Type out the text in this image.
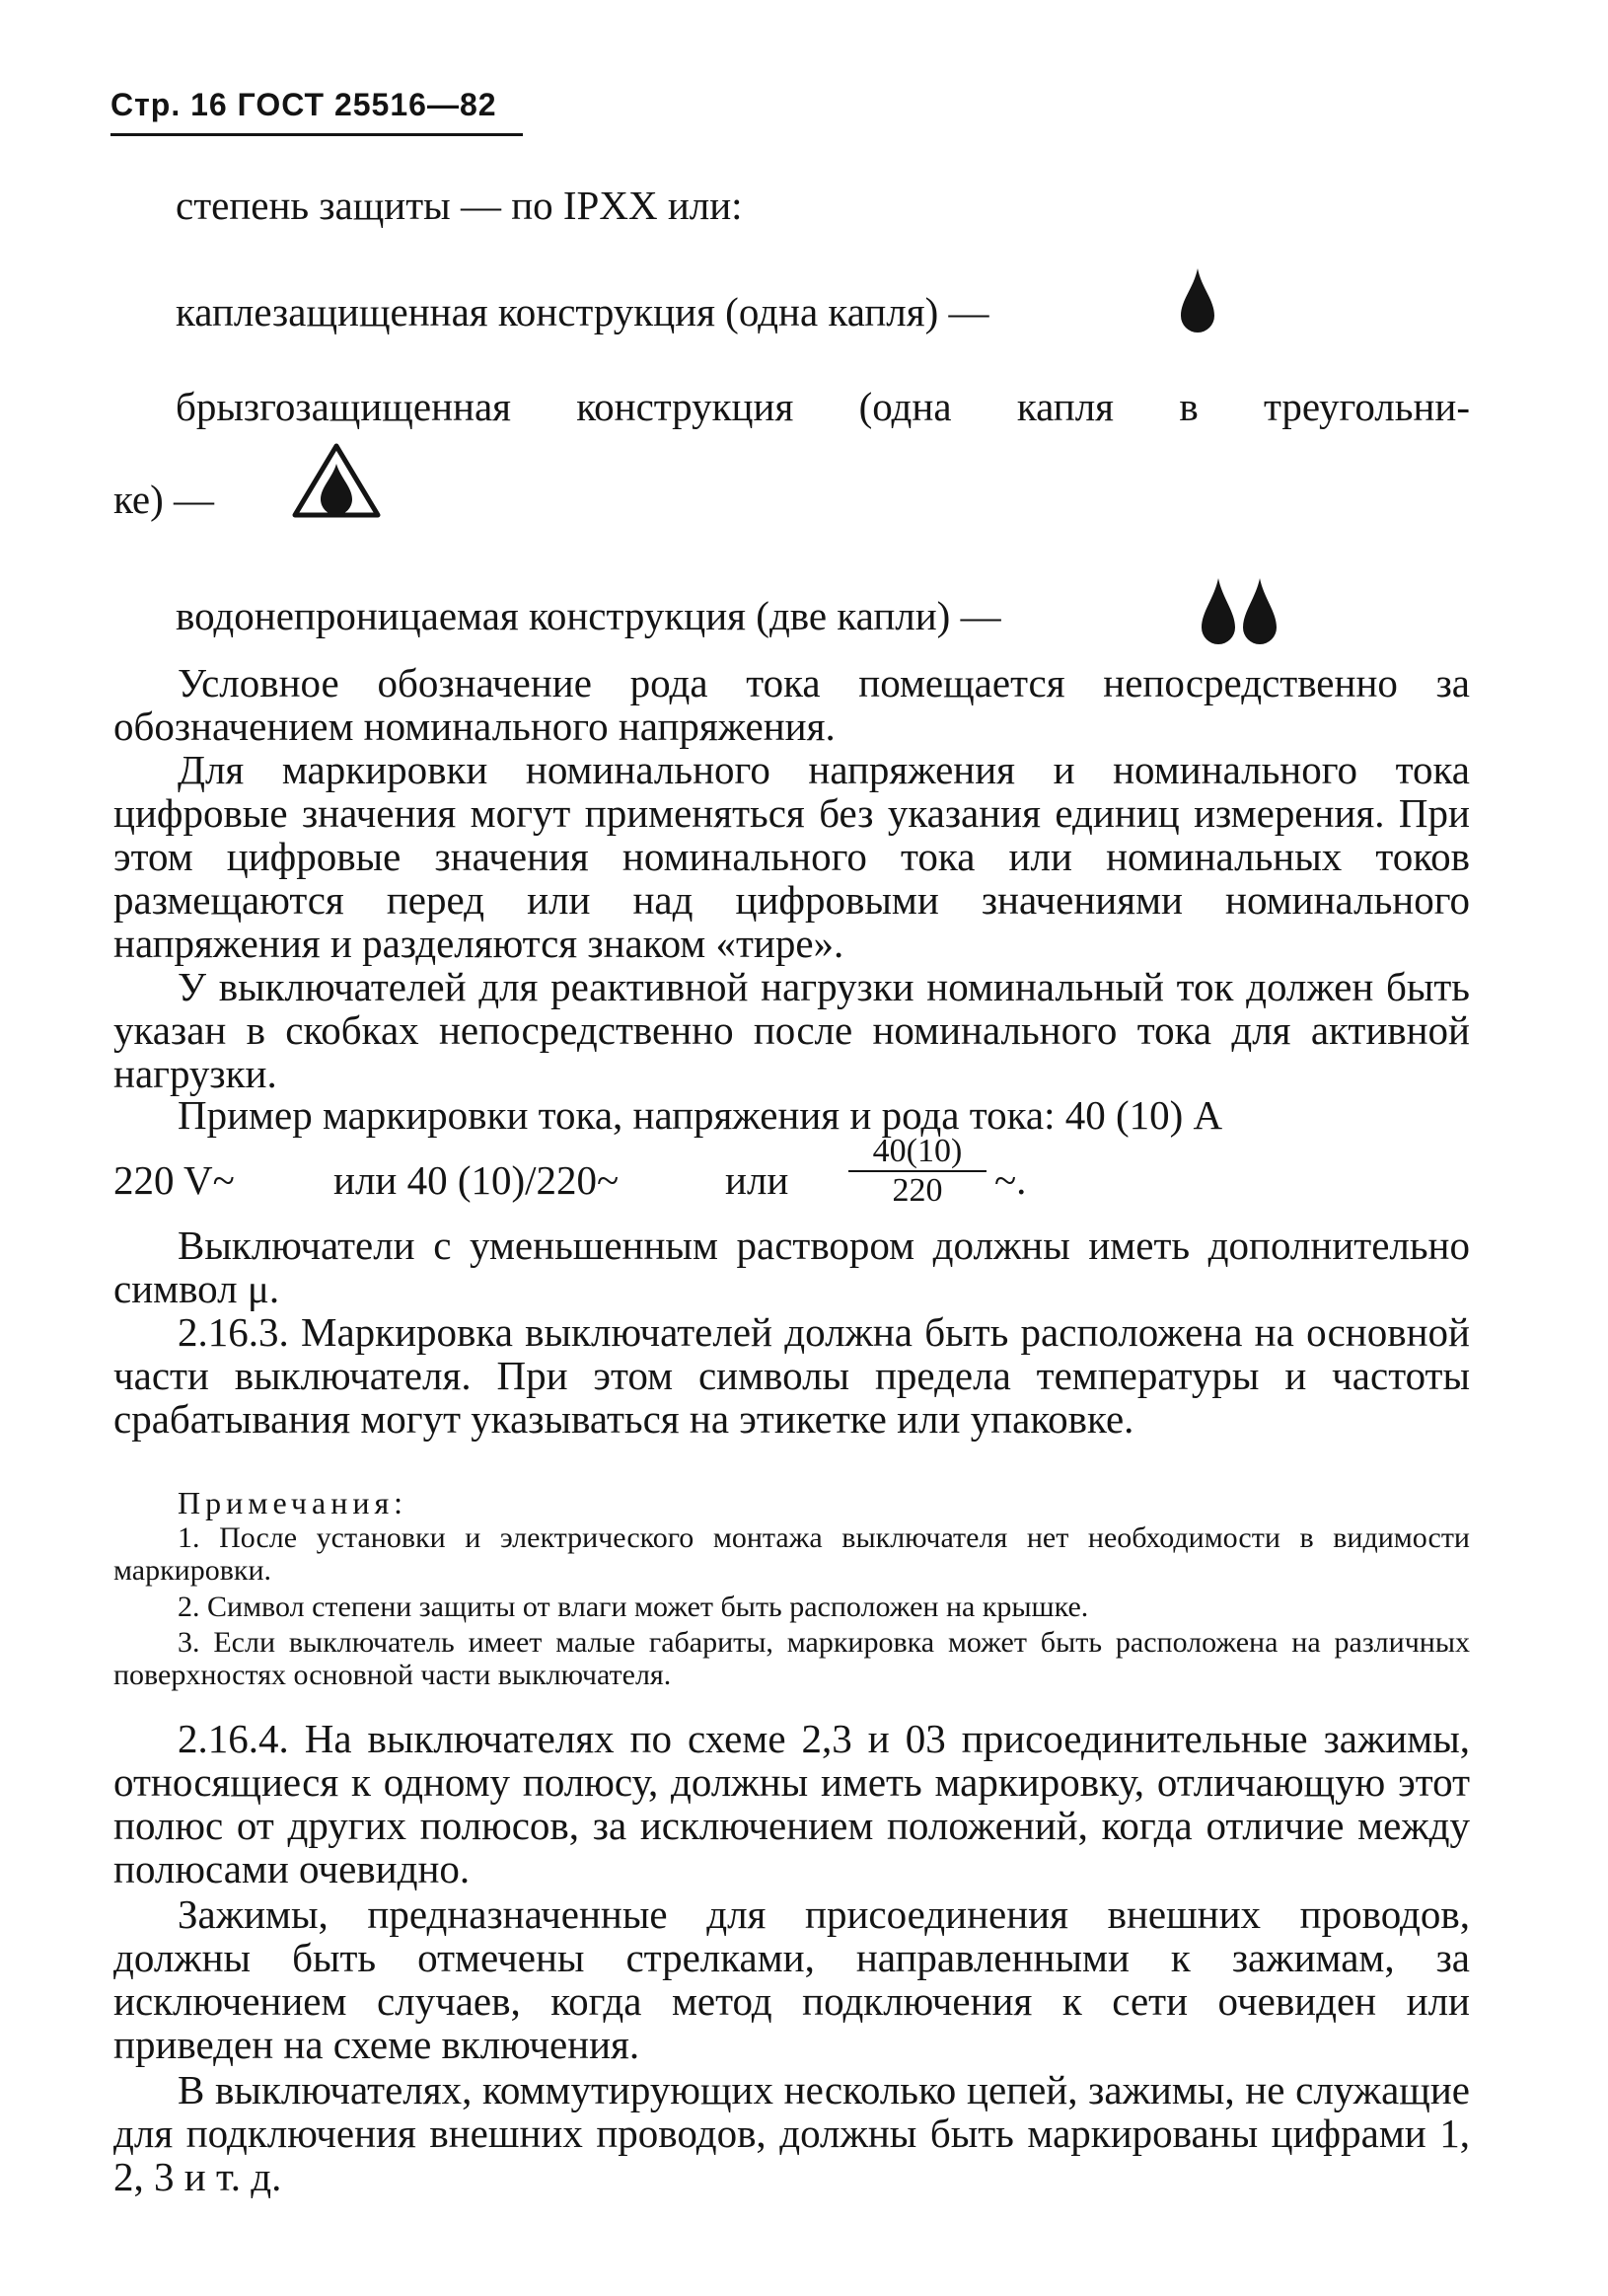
Стр. 16 ГОСТ 25516—82
степень защиты — по IPXX или:
каплезащищенная конструкция (одна капля) —
брызгозащищенная конструкция (одна капля в треугольни-
ке) —
водонепроницаемая конструкция (две капли) —
Условное обозначение рода тока помещается непосредственно за обозначением номинального напряжения.
Для маркировки номинального напряжения и номинального тока цифровые значения могут применяться без указания единиц измерения. При этом цифровые значения номинального тока или номинальных токов размещаются перед или над цифровыми значениями номинального напряжения и разделяются знаком «тире».
У выключателей для реактивной нагрузки номинальный ток должен быть указан в скобках непосредственно после номинального тока для активной нагрузки.
Пример маркировки тока, напряжения и рода тока: 40 (10) А
220 V~ или 40 (10)/220~	или
40(10)
220	~.
Выключатели с уменьшенным раствором должны иметь дополнительно символ μ.
2.16.3. Маркировка выключателей должна быть расположена на основной части выключателя. При этом символы предела температуры и частоты срабатывания могут указываться на этикетке или упаковке.
Примечания:
1. После установки и электрического монтажа выключателя нет необходимости в видимости маркировки.
2. Символ степени защиты от влаги может быть расположен на крышке.
3. Если выключатель имеет малые габариты, маркировка может быть расположена на различных поверхностях основной части выключателя.
2.16.4. На выключателях по схеме 2,3 и 03 присоединительные зажимы, относящиеся к одному полюсу, должны иметь маркировку, отличающую этот полюс от других полюсов, за исключением положений, когда отличие между полюсами очевидно.
Зажимы, предназначенные для присоединения внешних проводов, должны быть отмечены стрелками, направленными к зажимам, за исключением случаев, когда метод подключения к сети очевиден или приведен на схеме включения.
В выключателях, коммутирующих несколько цепей, зажимы, не служащие для подключения внешних проводов, должны быть маркированы цифрами 1, 2, 3 и т. д.
